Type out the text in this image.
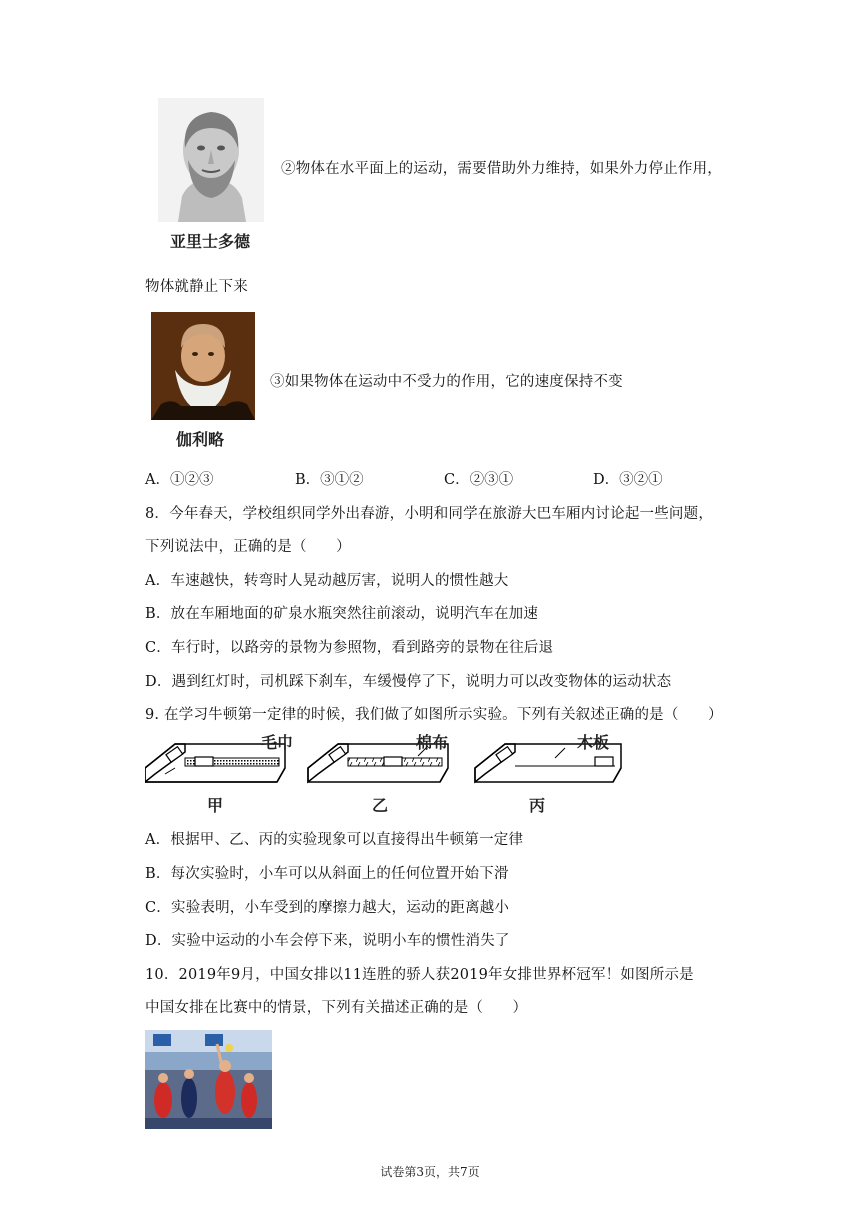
亚里士多德
②物体在水平面上的运动，需要借助外力维持，如果外力停止作用，
物体就静止下来
伽利略
③如果物体在运动中不受力的作用，它的速度保持不变
A．①②③	B．③①②	C．②③①	D．③②①
8．今年春天，学校组织同学外出春游，小明和同学在旅游大巴车厢内讨论起一些问题，
下列说法中，正确的是（　　）
A．车速越快，转弯时人晃动越厉害，说明人的惯性越大
B．放在车厢地面的矿泉水瓶突然往前滚动，说明汽车在加速
C．车行时，以路旁的景物为参照物，看到路旁的景物在往后退
D．遇到红灯时，司机踩下刹车，车缓慢停了下，说明力可以改变物体的运动状态
9. 在学习牛顿第一定律的时候，我们做了如图所示实验。下列有关叙述正确的是（　　）
毛巾	棉布	木板
甲	乙	丙
A．根据甲、乙、丙的实验现象可以直接得出牛顿第一定律
B．每次实验时，小车可以从斜面上的任何位置开始下滑
C．实验表明，小车受到的摩擦力越大，运动的距离越小
D．实验中运动的小车会停下来，说明小车的惯性消失了
10．2019年9月，中国女排以11连胜的骄人获2019年女排世界杯冠军！如图所示是
中国女排在比赛中的情景，下列有关描述正确的是（　　）
试卷第3页，共7页
